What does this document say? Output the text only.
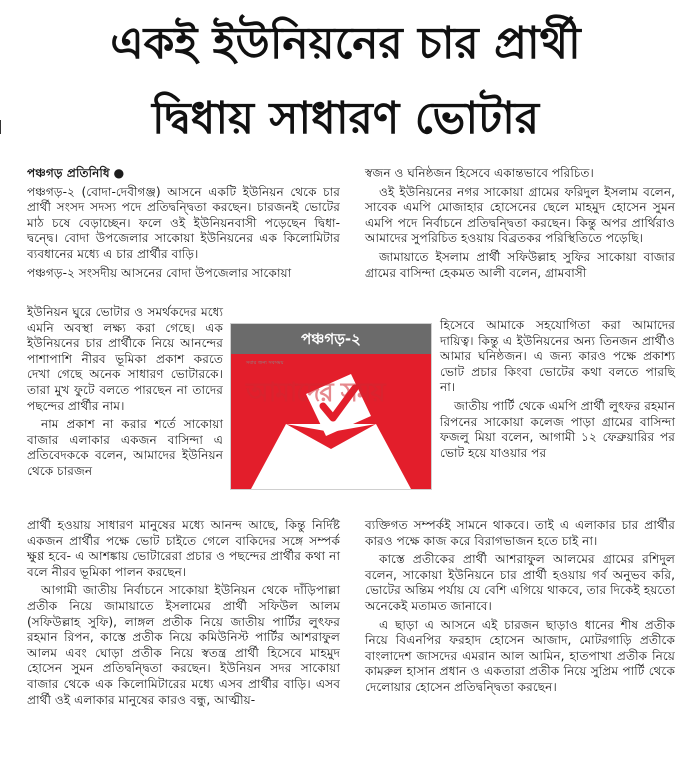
একই ইউনিয়নের চার প্রার্থী
দ্বিধায় সাধারণ ভোটার

পঞ্চগড় প্রতিনিধি ●

পঞ্চগড়-২ (বোদা-দেবীগঞ্জ) আসনে একটি ইউনিয়ন থেকে চার প্রার্থী সংসদ সদস্য পদে প্রতিদ্বন্দ্বিতা করছেন। চারজনই ভোটের মাঠ চষে বেড়াচ্ছেন। ফলে ওই ইউনিয়নবাসী পড়েছেন দ্বিধা-দ্বন্দ্বে। বোদা উপজেলার সাকোয়া ইউনিয়নের এক কিলোমিটার ব্যবধানের মধ্যে এ চার প্রার্থীর বাড়ি।

পঞ্চগড়-২ সংসদীয় আসনের বোদা উপজেলার সাকোয়া

ইউনিয়ন ঘুরে ভোটার ও সমর্থকদের মধ্যে এমনি অবস্থা লক্ষ্য করা গেছে। এক ইউনিয়নের চার প্রার্থীকে নিয়ে আনন্দের পাশাপাশি নীরব ভূমিকা প্রকাশ করতে দেখা গেছে অনেক সাধারণ ভোটারকে। তারা মুখ ফুটে বলতে পারছেন না তাদের পছন্দের প্রার্থীর নাম।

নাম প্রকাশ না করার শর্তে সাকোয়া বাজার এলাকার একজন বাসিন্দা এ প্রতিবেদককে বলেন, আমাদের ইউনিয়ন থেকে চারজন

প্রার্থী হওয়ায় সাধারণ মানুষের মধ্যে আনন্দ আছে, কিন্তু নির্দিষ্ট একজন প্রার্থীর পক্ষে ভোট চাইতে গেলে বাকিদের সঙ্গে সম্পর্ক ক্ষুণ্ণ হবে- এ আশঙ্কায় ভোটারেরা প্রচার ও পছন্দের প্রার্থীর কথা না বলে নীরব ভূমিকা পালন করছেন।

আগামী জাতীয় নির্বাচনে সাকোয়া ইউনিয়ন থেকে দাঁড়িপাল্লা প্রতীক নিয়ে জামায়াতে ইসলামের প্রার্থী সফিউল আলম (সফিউল্লাহ সুফি), লাঙ্গল প্রতীক নিয়ে জাতীয় পার্টির লুৎফর রহমান রিপন, কাস্তে প্রতীক নিয়ে কমিউনিস্ট পার্টির আশরাফুল আলম এবং ঘোড়া প্রতীক নিয়ে স্বতন্ত্র প্রার্থী হিসেবে মাহমুদ হোসেন সুমন প্রতিদ্বন্দ্বিতা করছেন। ইউনিয়ন সদর সাকোয়া বাজার থেকে এক কিলোমিটারের মধ্যে এসব প্রার্থীর বাড়ি। এসব প্রার্থী ওই এলাকার মানুষের কারও বন্ধু, আত্মীয়-

স্বজন ও ঘনিষ্ঠজন হিসেবে একান্তভাবে পরিচিত।

ওই ইউনিয়নের নগর সাকোয়া গ্রামের ফরিদুল ইসলাম বলেন, সাবেক এমপি মোজাহার হোসেনের ছেলে মাহমুদ হোসেন সুমন এমপি পদে নির্বাচনে প্রতিদ্বন্দ্বিতা করছেন। কিন্তু অপর প্রার্থিরাও আমাদের সুপরিচিত হওয়ায় বিব্রতকর পরিস্থিতিতে পড়েছি।

জামায়াতে ইসলাম প্রার্থী সফিউল্লাহ সুফির সাকোয়া বাজার গ্রামের বাসিন্দা হেকমত আলী বলেন, গ্রামবাসী

হিসেবে আমাকে সহযোগিতা করা আমাদের দায়িত্ব। কিন্তু এ ইউনিয়নের অন্য তিনজন প্রার্থীও আমার ঘনিষ্ঠজন। এ জন্য কারও পক্ষে প্রকাশ্য ভোট প্রচার কিংবা ভোটের কথা বলতে পারছি না।

জাতীয় পার্টি থেকে এমপি প্রার্থী লুৎফর রহমান রিপনের সাকোয়া কলেজ পাড়া গ্রামের বাসিন্দা ফজলু মিয়া বলেন, আগামী ১২ ফেব্রুয়ারির পর ভোট হয়ে যাওয়ার পর

ব্যক্তিগত সম্পর্কই সামনে থাকবে। তাই এ এলাকার চার প্রার্থীর কারও পক্ষে কাজ করে বিরাগভাজন হতে চাই না।

কাস্তে প্রতীকের প্রার্থী আশরাফুল আলমের গ্রামের রশিদুল বলেন, সাকোয়া ইউনিয়নে চার প্রার্থী হওয়ায় গর্ব অনুভব করি, ভোটের অন্তিম পর্যায় যে বেশি এগিয়ে থাকবে, তার দিকেই হয়তো অনেকেই মতামত জানাবে।

এ ছাড়া এ আসনে এই চারজন ছাড়াও ধানের শীষ প্রতীক নিয়ে বিএনপির ফরহাদ হোসেন আজাদ, মোটরগাড়ি প্রতীকে বাংলাদেশ জাসদের এমরান আল আমিন, হাতপাখা প্রতীক নিয়ে কামরুল হাসান প্রধান ও একতারা প্রতীক নিয়ে সুপ্রিম পার্টি থেকে দেলোয়ার হোসেন প্রতিদ্বন্দ্বিতা করছেন।

পঞ্চগড়-২
সবার জন্য সবসময়
আমাদের সময়
